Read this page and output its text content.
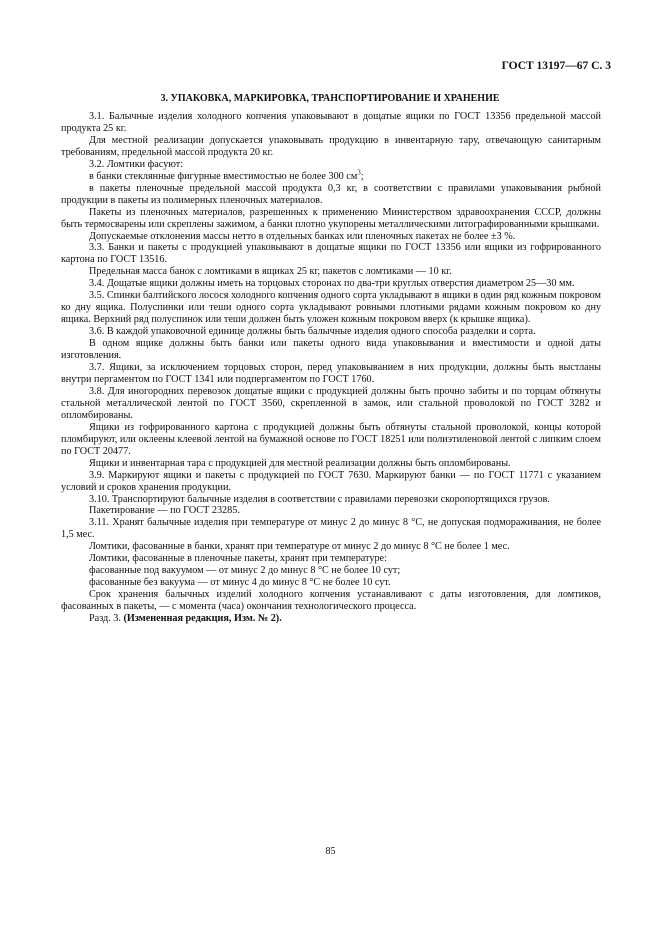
ГОСТ 13197—67 С. 3
3. УПАКОВКА, МАРКИРОВКА, ТРАНСПОРТИРОВАНИЕ И ХРАНЕНИЕ

3.1. Балычные изделия холодного копчения упаковывают в дощатые ящики по ГОСТ 13356 предельной массой продукта 25 кг.

Для местной реализации допускается упаковывать продукцию в инвентарную тару, отвечающую санитарным требованиям, предельной массой продукта 20 кг.

3.2. Ломтики фасуют:

в банки стеклянные фигурные вместимостью не более 300 $см^3$;

в пакеты пленочные предельной массой продукта 0,3 кг, в соответствии с правилами упаковывания рыбной продукции в пакеты из полимерных пленочных материалов.

Пакеты из пленочных материалов, разрешенных к применению Министерством здравоохранения СССР, должны быть термосварены или скреплены зажимом, а банки плотно укупорены металлическими литографированными крышками.

Допускаемые отклонения массы нетто в отдельных банках или пленочных пакетах не более ±3 %.

3.3. Банки и пакеты с продукцией упаковывают в дощатые ящики по ГОСТ 13356 или ящики из гофрированного картона по ГОСТ 13516.

Предельная масса банок с ломтиками в ящиках 25 кг, пакетов с ломтиками — 10 кг.

3.4. Дощатые ящики должны иметь на торцовых сторонах по два-три круглых отверстия диаметром 25—30 мм.

3.5. Спинки балтийского лосося холодного копчения одного сорта укладывают в ящики в один ряд кожным покровом ко дну ящика. Полуспинки или теши одного сорта укладывают ровными плотными рядами кожным покровом ко дну ящика. Верхний ряд полуспинок или теши должен быть уложен кожным покровом вверх (к крышке ящика).

3.6. В каждой упаковочной единице должны быть балычные изделия одного способа разделки и сорта.

В одном ящике должны быть банки или пакеты одного вида упаковывания и вместимости и одной даты изготовления.

3.7. Ящики, за исключением торцовых сторон, перед упаковыванием в них продукции, должны быть выстланы внутри пергаментом по ГОСТ 1341 или подпергаментом по ГОСТ 1760.

3.8. Для иногородних перевозок дощатые ящики с продукцией должны быть прочно забиты и по торцам обтянуты стальной металлической лентой по ГОСТ 3560, скрепленной в замок, или стальной проволокой по ГОСТ 3282 и опломбированы.

Ящики из гофрированного картона с продукцией должны быть обтянуты стальной проволокой, концы которой пломбируют, или оклеены клеевой лентой на бумажной основе по ГОСТ 18251 или полиэтиленовой лентой с липким слоем по ГОСТ 20477.

Ящики и инвентарная тара с продукцией для местной реализации должны быть опломбированы.

3.9. Маркируют ящики и пакеты с продукцией по ГОСТ 7630. Маркируют банки — по ГОСТ 11771 с указанием условий и сроков хранения продукции.

3.10. Транспортируют балычные изделия в соответствии с правилами перевозки скоропортящихся грузов.

Пакетирование — по ГОСТ 23285.

3.11. Хранят балычные изделия при температуре от минус 2 до минус 8 °С, не допуская подмораживания, не более 1,5 мес.

Ломтики, фасованные в банки, хранят при температуре от минус 2 до минус 8 °С не более 1 мес.

Ломтики, фасованные в пленочные пакеты, хранят при температуре:

фасованные под вакуумом — от минус 2 до минус 8 °С не более 10 сут;

фасованные без вакуума — от минус 4 до минус 8 °С не более 10 сут.

Срок хранения балычных изделий холодного копчения устанавливают с даты изготовления, для ломтиков, фасованных в пакеты, — с момента (часа) окончания технологического процесса.

Разд. 3. (Измененная редакция, Изм. № 2).

85
